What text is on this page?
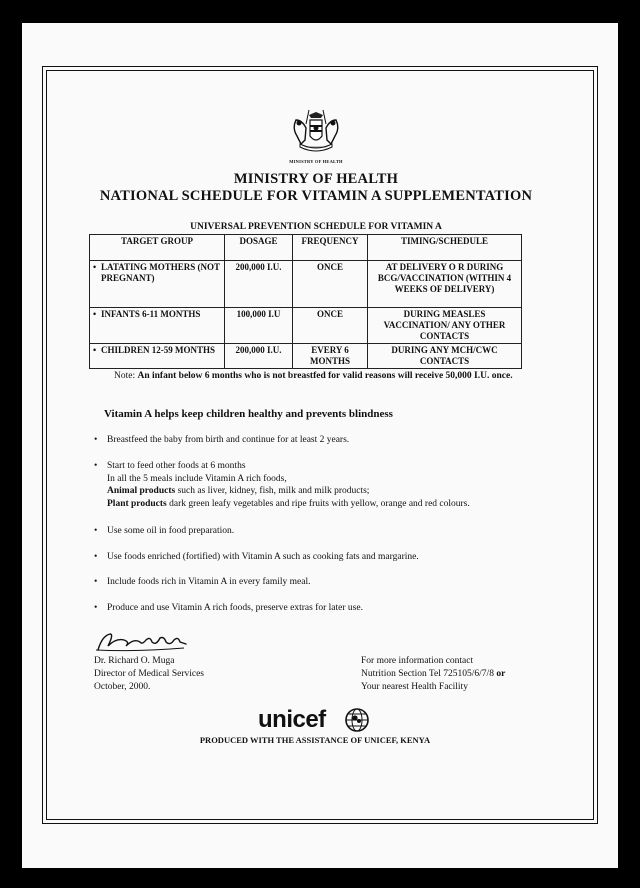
MINISTRY OF HEALTH
MINISTRY OF HEALTH
NATIONAL SCHEDULE FOR VITAMIN A SUPPLEMENTATION
UNIVERSAL PREVENTION SCHEDULE FOR VITAMIN A
TARGET GROUP	DOSAGE	FREQUENCY	TIMING/SCHEDULE

• LATATING MOTHERS (NOT PREGNANT)	200,000 I.U.	ONCE	AT DELIVERY O R DURING BCG/VACCINATION (WITHIN 4 WEEKS OF DELIVERY)

• INFANTS 6-11 MONTHS	100,000 I.U	ONCE	DURING MEASLES VACCINATION/ ANY OTHER CONTACTS

• CHILDREN 12-59 MONTHS	200,000 I.U.	EVERY 6 MONTHS	DURING ANY MCH/CWC CONTACTS
Note: An infant below 6 months who is not breastfed for valid reasons will receive 50,000 I.U. once.
Vitamin A helps keep children healthy and prevents blindness
• Breastfeed the baby from birth and continue for at least 2 years.
• Start to feed other foods at 6 months
In all the 5 meals include Vitamin A rich foods,
Animal products such as liver, kidney, fish, milk and milk products;
Plant products dark green leafy vegetables and ripe fruits with yellow, orange and red colours.
• Use some oil in food preparation.
• Use foods enriched (fortified) with Vitamin A such as cooking fats and margarine.
• Include foods rich in Vitamin A in every family meal.
• Produce and use Vitamin A rich foods, preserve extras for later use.
Dr. Richard O. Muga
Director of Medical Services
October, 2000.
For more information contact
Nutrition Section Tel 725105/6/7/8 or
Your nearest Health Facility
unicef
PRODUCED WITH THE ASSISTANCE OF UNICEF, KENYA
